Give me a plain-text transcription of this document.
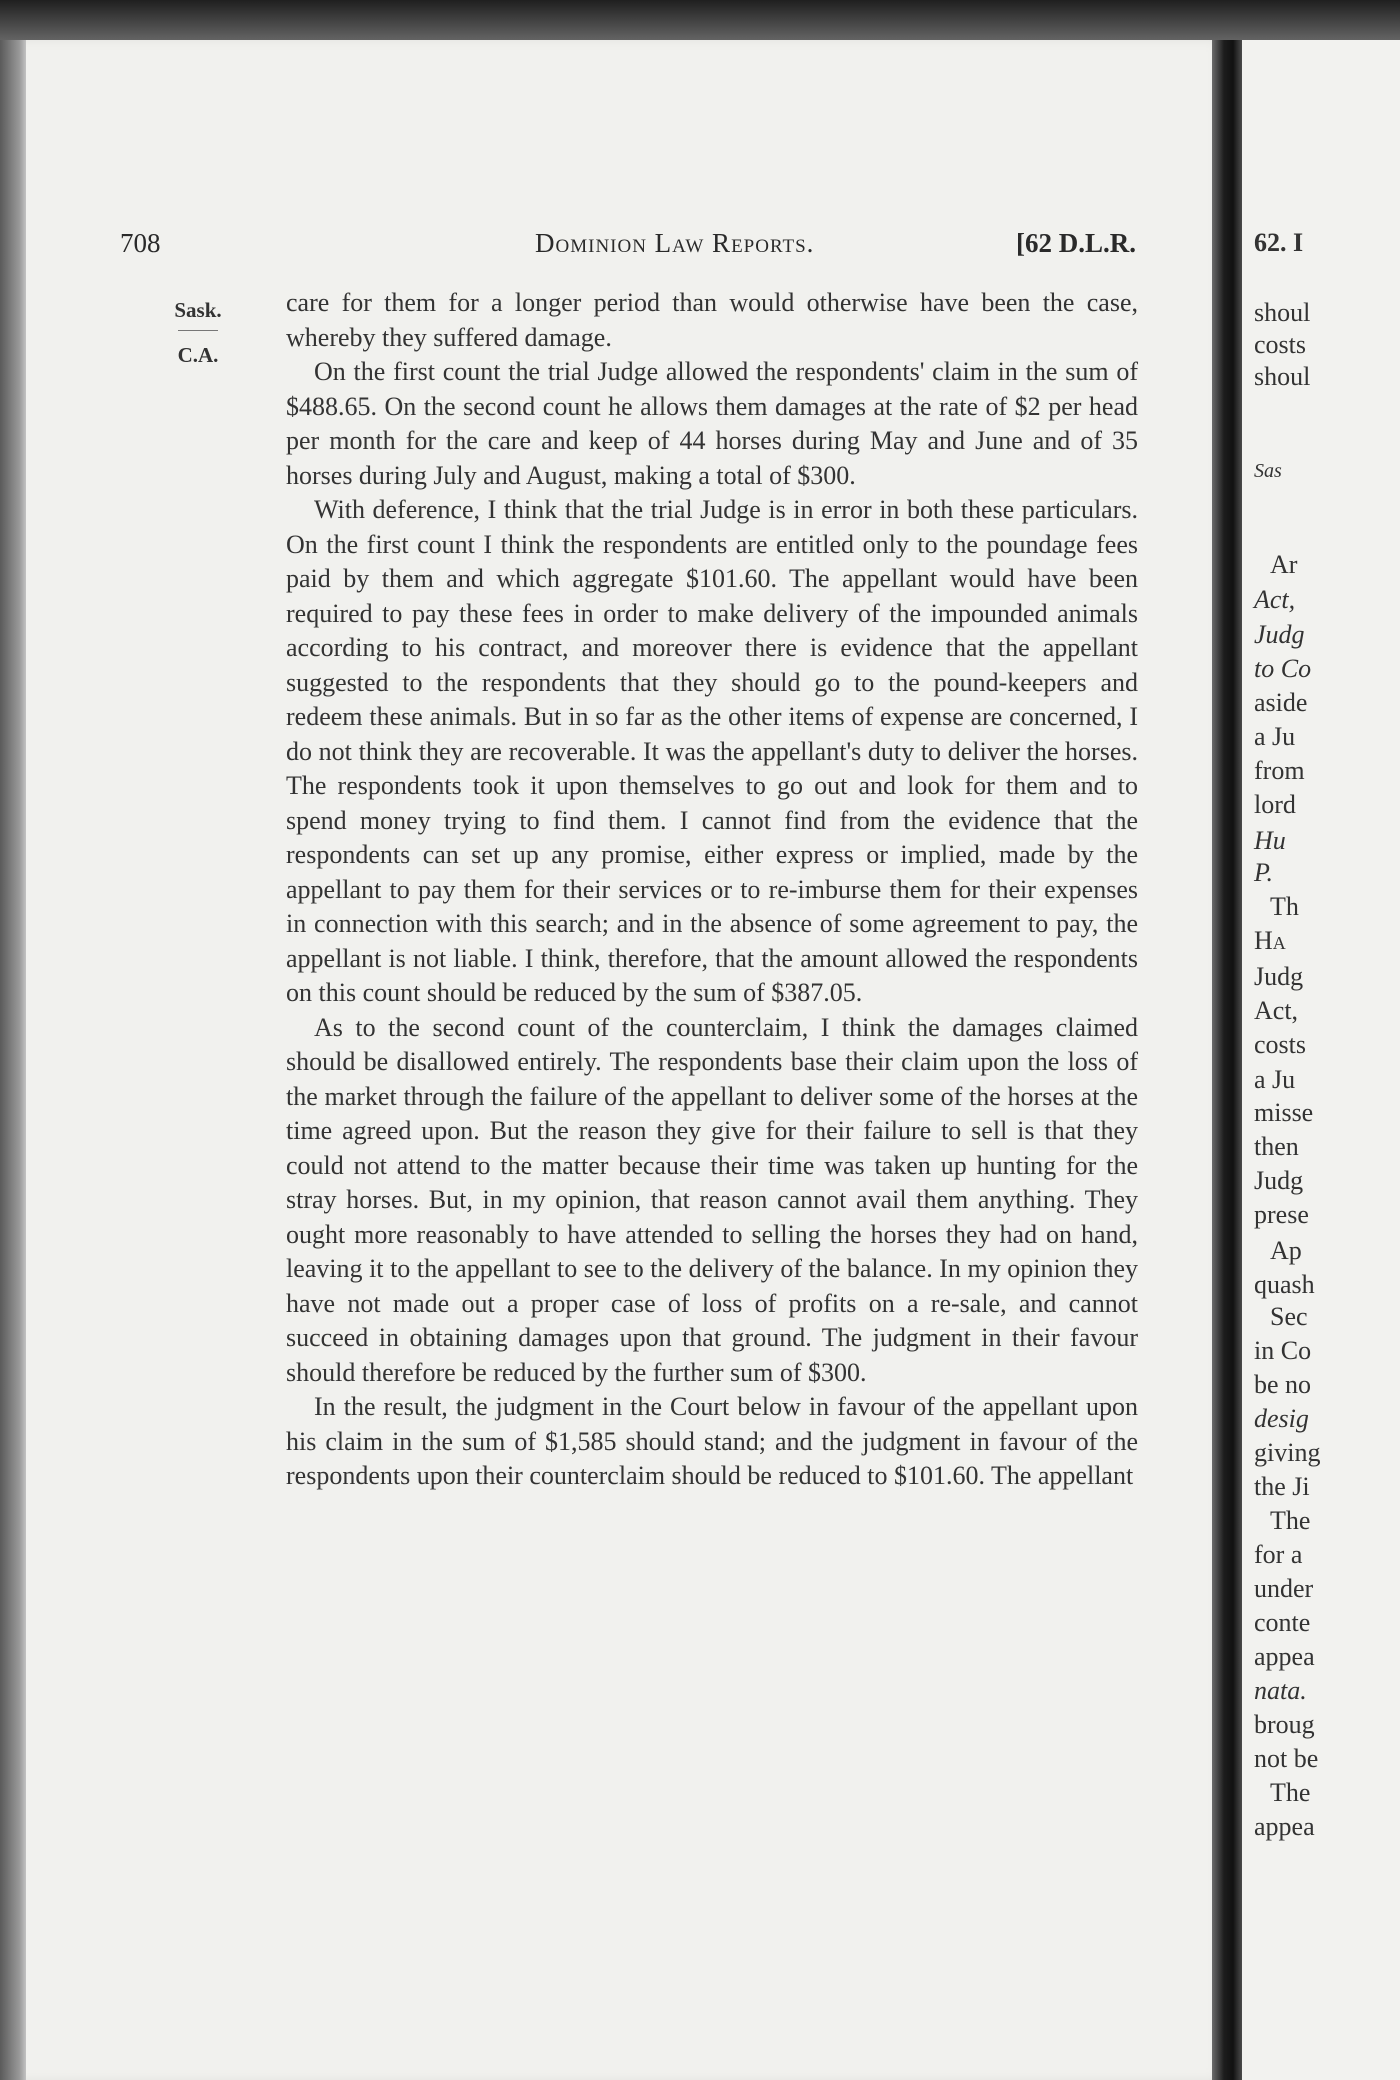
708	Dominion Law Reports.	[62 D.L.R.
Sask.
C.A.

care for them for a longer period than would otherwise have been the case, whereby they suffered damage.

On the first count the trial Judge allowed the respondents' claim in the sum of $488.65. On the second count he allows them damages at the rate of $2 per head per month for the care and keep of 44 horses during May and June and of 35 horses during July and August, making a total of $300.

With deference, I think that the trial Judge is in error in both these particulars. On the first count I think the respondents are entitled only to the poundage fees paid by them and which aggregate $101.60. The appellant would have been required to pay these fees in order to make delivery of the impounded animals according to his contract, and moreover there is evidence that the appellant suggested to the respondents that they should go to the pound-keepers and redeem these animals. But in so far as the other items of expense are concerned, I do not think they are recoverable. It was the appellant's duty to deliver the horses. The respondents took it upon themselves to go out and look for them and to spend money trying to find them. I cannot find from the evidence that the respondents can set up any promise, either express or implied, made by the appellant to pay them for their services or to re-imburse them for their expenses in connection with this search; and in the absence of some agreement to pay, the appellant is not liable. I think, therefore, that the amount allowed the respondents on this count should be reduced by the sum of $387.05.

As to the second count of the counterclaim, I think the damages claimed should be disallowed entirely. The respondents base their claim upon the loss of the market through the failure of the appellant to deliver some of the horses at the time agreed upon. But the reason they give for their failure to sell is that they could not attend to the matter because their time was taken up hunting for the stray horses. But, in my opinion, that reason cannot avail them anything. They ought more reasonably to have attended to selling the horses they had on hand, leaving it to the appellant to see to the delivery of the balance. In my opinion they have not made out a proper case of loss of profits on a re-sale, and cannot succeed in obtaining damages upon that ground. The judgment in their favour should therefore be reduced by the further sum of $300.

In the result, the judgment in the Court below in favour of the appellant upon his claim in the sum of $1,585 should stand; and the judgment in favour of the respondents upon their counterclaim should be reduced to $101.60. The appellant

62. I
shoul
costs
shoul
Sas
Ar
Act,
Judg
to Co
aside
a Ju
from
lord
Hu
P.
Th
Ha
Judg
Act,
costs
a Ju
misse
then
Judg
prese
Ap
quash
Sec
in Co
be no
desig
giving
the Ji
The
for a
under
conte
appea
nata.
broug
not be
The
appea
